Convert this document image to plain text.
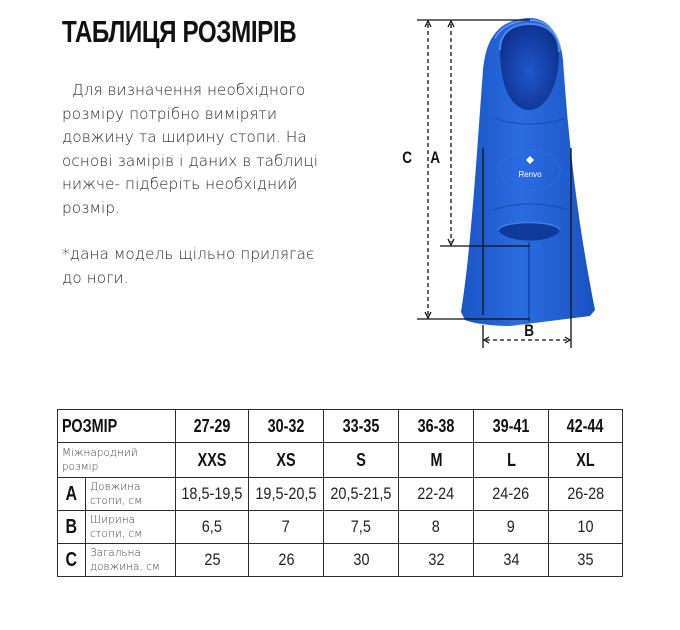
ТАБЛИЦЯ РОЗМІРІВ

Для визначення необхідного
розміру потрібно виміряти
довжину та ширину стопи. На
основі замірів і даних в таблиці
нижче- підберіть необхідний
розмір.

*дана модель щільно прилягає
до ноги.

Renvo
C A
B
РОЗМІР		27-29	30-32	33-35	36-38	39-41	42-44
Міжнародний
розмір		XXS	XS	S	M	L	XL
A	Довжина
стопи, см	18,5-19,5	19,5-20,5	20,5-21,5	22-24	24-26	26-28
B	Ширина
стопи, см	6,5	7	7,5	8	9	10
C	Загальна
довжина, см	25	26	30	32	34	35
